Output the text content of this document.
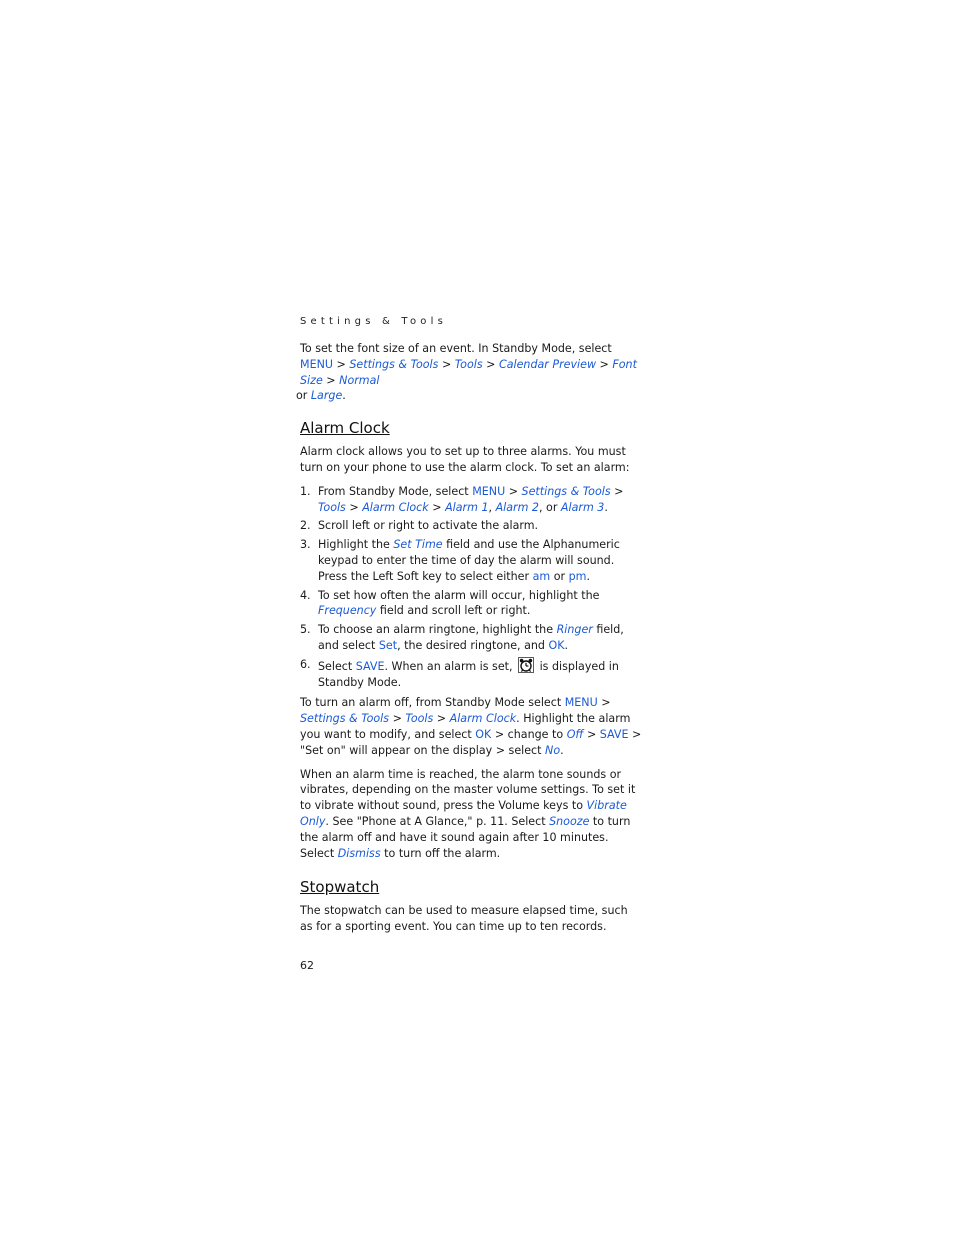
Settings & Tools

To set the font size of an event. In Standby Mode, select MENU > Settings & Tools > Tools > Calendar Preview > Font Size > Normal
or Large.

Alarm Clock

Alarm clock allows you to set up to three alarms. You must turn on your phone to use the alarm clock. To set an alarm:

1. From Standby Mode, select MENU > Settings & Tools > Tools > Alarm Clock > Alarm 1, Alarm 2, or Alarm 3.
2. Scroll left or right to activate the alarm.
3. Highlight the Set Time field and use the Alphanumeric keypad to enter the time of day the alarm will sound. Press the Left Soft key to select either am or pm.
4. To set how often the alarm will occur, highlight the Frequency field and scroll left or right.
5. To choose an alarm ringtone, highlight the Ringer field, and select Set, the desired ringtone, and OK.
6. Select SAVE. When an alarm is set,  is displayed in Standby Mode.

To turn an alarm off, from Standby Mode select MENU > Settings & Tools > Tools > Alarm Clock. Highlight the alarm you want to modify, and select OK > change to Off > SAVE > "Set on" will appear on the display > select No.

When an alarm time is reached, the alarm tone sounds or vibrates, depending on the master volume settings. To set it to vibrate without sound, press the Volume keys to Vibrate Only. See "Phone at A Glance," p. 11. Select Snooze to turn the alarm off and have it sound again after 10 minutes. Select Dismiss to turn off the alarm.

Stopwatch

The stopwatch can be used to measure elapsed time, such as for a sporting event. You can time up to ten records.

62
